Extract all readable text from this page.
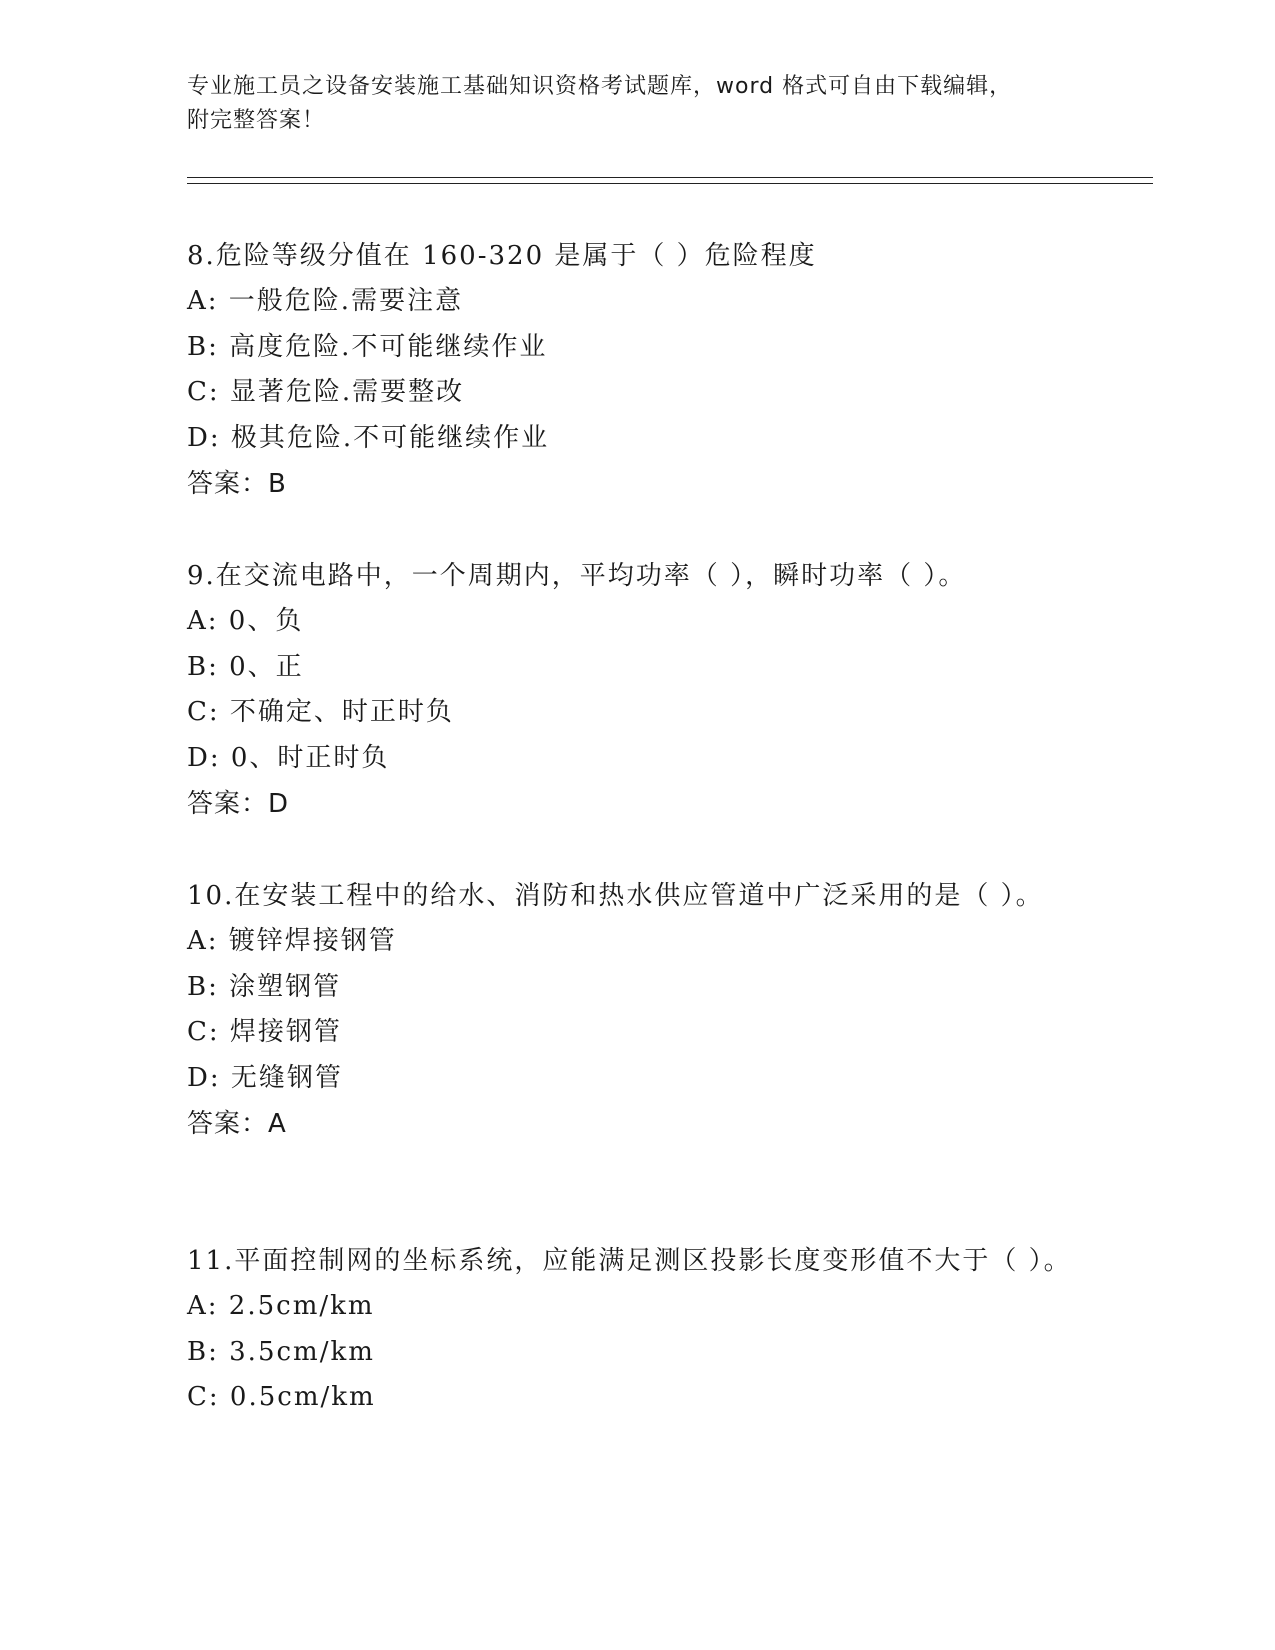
专业施工员之设备安装施工基础知识资格考试题库，word 格式可自由下载编辑，
附完整答案！
8.危险等级分值在 160-320 是属于（ ）危险程度
A: 一般危险.需要注意
B: 高度危险.不可能继续作业
C: 显著危险.需要整改
D: 极其危险.不可能继续作业
答案：B
9.在交流电路中，一个周期内，平均功率（ ），瞬时功率（ ）。
A: 0、负
B: 0、正
C: 不确定、时正时负
D: 0、时正时负
答案：D
10.在安装工程中的给水、消防和热水供应管道中广泛采用的是（ ）。
A: 镀锌焊接钢管
B: 涂塑钢管
C: 焊接钢管
D: 无缝钢管
答案：A
11.平面控制网的坐标系统，应能满足测区投影长度变形值不大于（ ）。
A: 2.5cm/km
B: 3.5cm/km
C: 0.5cm/km
